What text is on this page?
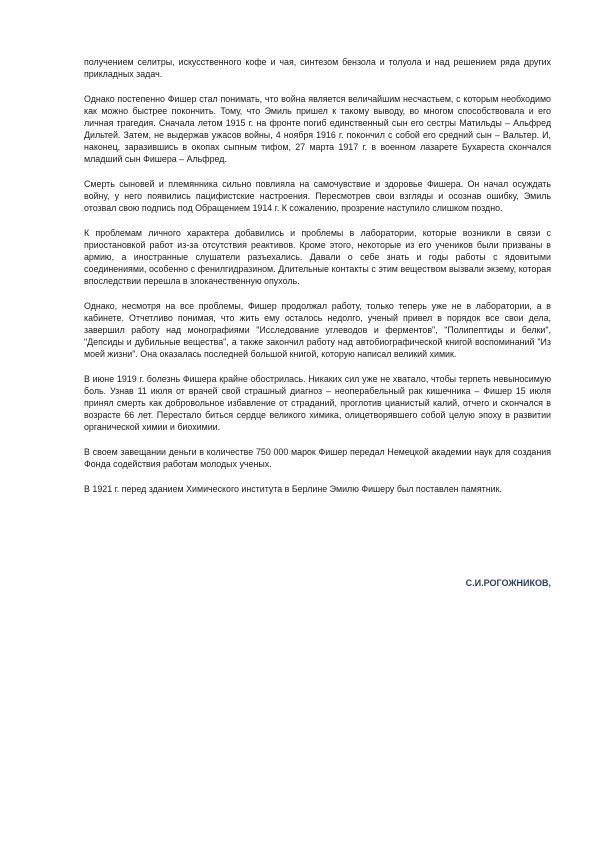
получением селитры, искусственного кофе и чая, синтезом бензола и толуола и над решением ряда других прикладных задач.

Однако постепенно Фишер стал понимать, что война является величайшим несчастьем, с которым необходимо как можно быстрее покончить. Тому, что Эмиль пришел к такому выводу, во многом способствовала и его личная трагедия. Сначала летом 1915 г. на фронте погиб единственный сын его сестры Матильды – Альфред Дильтей. Затем, не выдержав ужасов войны, 4 ноября 1916 г. покончил с собой его средний сын – Вальтер. И, наконец, заразившись в окопах сыпным тифом, 27 марта 1917 г. в военном лазарете Бухареста скончался младший сын Фишера – Альфред.

Смерть сыновей и племянника сильно повлияла на самочувствие и здоровье Фишера. Он начал осуждать войну, у него появились пацифистские настроения. Пересмотрев свои взгляды и осознав ошибку, Эмиль отозвал свою подпись под Обращением 1914 г. К сожалению, прозрение наступило слишком поздно.

К проблемам личного характера добавились и проблемы в лаборатории, которые возникли в связи с приостановкой работ из-за отсутствия реактивов. Кроме этого, некоторые из его учеников были призваны в армию, а иностранные слушатели разъехались. Давали о себе знать и годы работы с ядовитыми соединениями, особенно с фенилгидразином. Длительные контакты с этим веществом вызвали экзему, которая впоследствии перешла в злокачественную опухоль.

Однако, несмотря на все проблемы, Фишер продолжал работу, только теперь уже не в лаборатории, а в кабинете. Отчетливо понимая, что жить ему осталось недолго, ученый привел в порядок все свои дела, завершил работу над монографиями "Исследование углеводов и ферментов", "Полипептиды и белки", "Депсиды и дубильные вещества", а также закончил работу над автобиографической книгой воспоминаний "Из моей жизни". Она оказалась последней большой книгой, которую написал великий химик.

В июне 1919 г. болезнь Фишера крайне обострилась. Никаких сил уже не хватало, чтобы терпеть невыносимую боль. Узнав 11 июля от врачей свой страшный диагноз – неоперабельный рак кишечника – Фишер 15 июля принял смерть как добровольное избавление от страданий, проглотив цианистый калий, отчего и скончался в возрасте 66 лет. Перестало биться сердце великого химика, олицетворявшего собой целую эпоху в развитии органической химии и биохимии.

В своем завещании деньги в количестве 750 000 марок Фишер передал Немецкой академии наук для создания Фонда содействия работам молодых ученых.

В 1921 г. перед зданием Химического института в Берлине Эмилю Фишеру был поставлен памятник.

С.И.РОГОЖНИКОВ,
